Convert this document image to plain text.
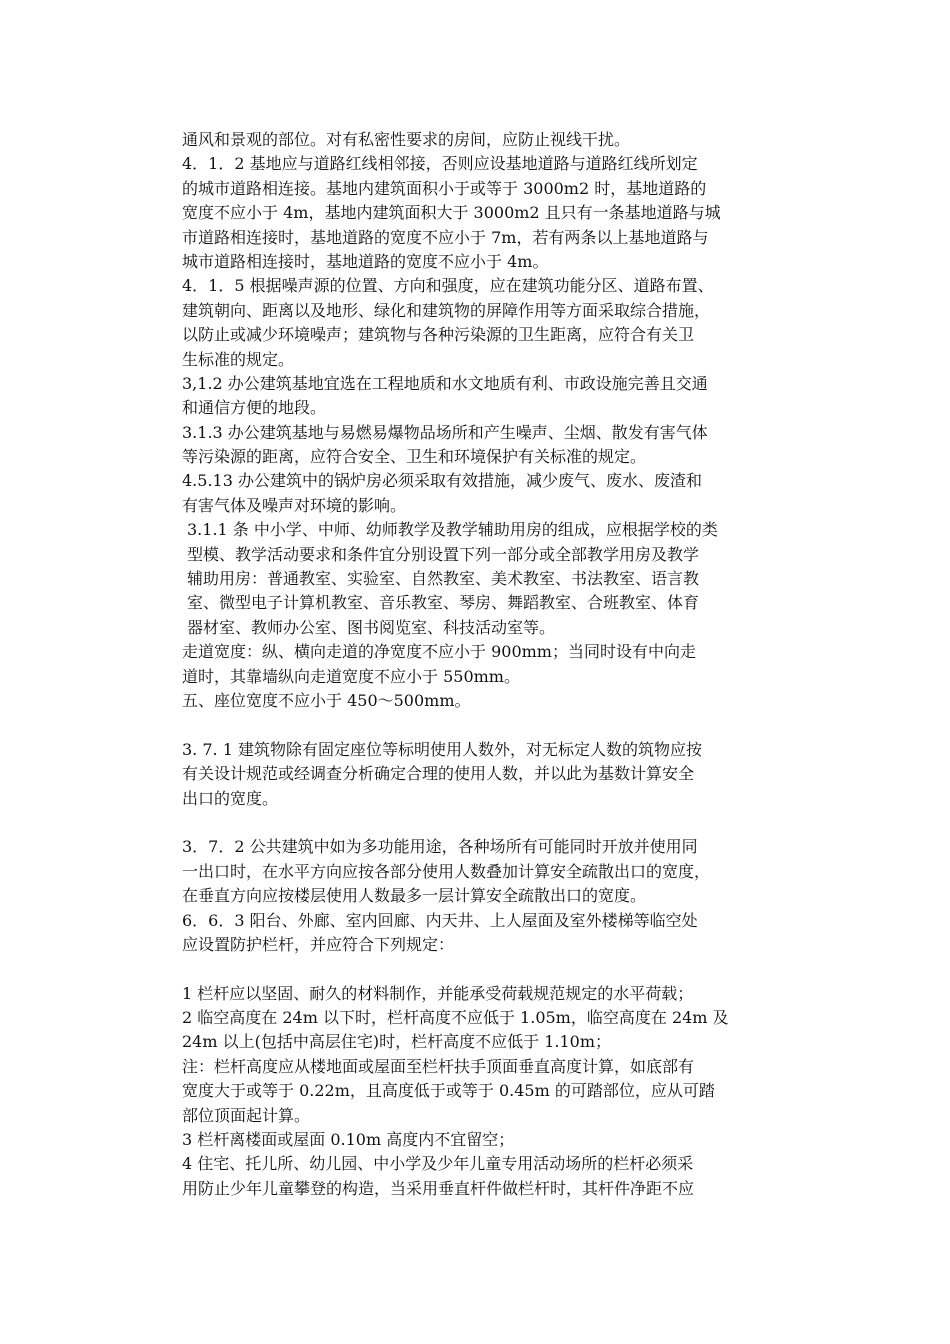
通风和景观的部位。对有私密性要求的房间，应防止视线干扰。
4．1．2 基地应与道路红线相邻接，否则应设基地道路与道路红线所划定
的城市道路相连接。基地内建筑面积小于或等于 3000m2 时，基地道路的
宽度不应小于 4m，基地内建筑面积大于 3000m2 且只有一条基地道路与城
市道路相连接时，基地道路的宽度不应小于 7m，若有两条以上基地道路与
城市道路相连接时，基地道路的宽度不应小于 4m。
4．1．5 根据噪声源的位置、方向和强度，应在建筑功能分区、道路布置、
建筑朝向、距离以及地形、绿化和建筑物的屏障作用等方面采取综合措施，
以防止或减少环境噪声；建筑物与各种污染源的卫生距离，应符合有关卫
生标准的规定。
3,1.2 办公建筑基地宜选在工程地质和水文地质有利、市政设施完善且交通
和通信方便的地段。
3.1.3 办公建筑基地与易燃易爆物品场所和产生噪声、尘烟、散发有害气体
等污染源的距离，应符合安全、卫生和环境保护有关标准的规定。
4.5.13 办公建筑中的锅炉房必须采取有效措施，减少废气、废水、废渣和
有害气体及噪声对环境的影响。
3.1.1 条 中小学、中师、幼师教学及教学辅助用房的组成，应根据学校的类
型模、教学活动要求和条件宜分别设置下列一部分或全部教学用房及教学
辅助用房：普通教室、实验室、自然教室、美术教室、书法教室、语言教
室、微型电子计算机教室、音乐教室、琴房、舞蹈教室、合班教室、体育
器材室、教师办公室、图书阅览室、科技活动室等。
走道宽度：纵、横向走道的净宽度不应小于 900mm；当同时设有中向走
道时，其靠墙纵向走道宽度不应小于 550mm。
五、座位宽度不应小于 450～500mm。
3. 7. 1 建筑物除有固定座位等标明使用人数外，对无标定人数的筑物应按
有关设计规范或经调查分析确定合理的使用人数，并以此为基数计算安全
出口的宽度。
3．7．2 公共建筑中如为多功能用途，各种场所有可能同时开放并使用同
一出口时，在水平方向应按各部分使用人数叠加计算安全疏散出口的宽度，
在垂直方向应按楼层使用人数最多一层计算安全疏散出口的宽度。
6．6．3 阳台、外廊、室内回廊、内天井、上人屋面及室外楼梯等临空处
应设置防护栏杆，并应符合下列规定：
1 栏杆应以坚固、耐久的材料制作，并能承受荷载规范规定的水平荷载；
2 临空高度在 24m 以下时，栏杆高度不应低于 1.05m，临空高度在 24m 及
24m 以上(包括中高层住宅)时，栏杆高度不应低于 1.10m；
注：栏杆高度应从楼地面或屋面至栏杆扶手顶面垂直高度计算，如底部有
宽度大于或等于 0.22m，且高度低于或等于 0.45m 的可踏部位，应从可踏
部位顶面起计算。
3 栏杆离楼面或屋面 0.10m 高度内不宜留空；
4 住宅、托儿所、幼儿园、中小学及少年儿童专用活动场所的栏杆必须采
用防止少年儿童攀登的构造，当采用垂直杆件做栏杆时，其杆件净距不应
